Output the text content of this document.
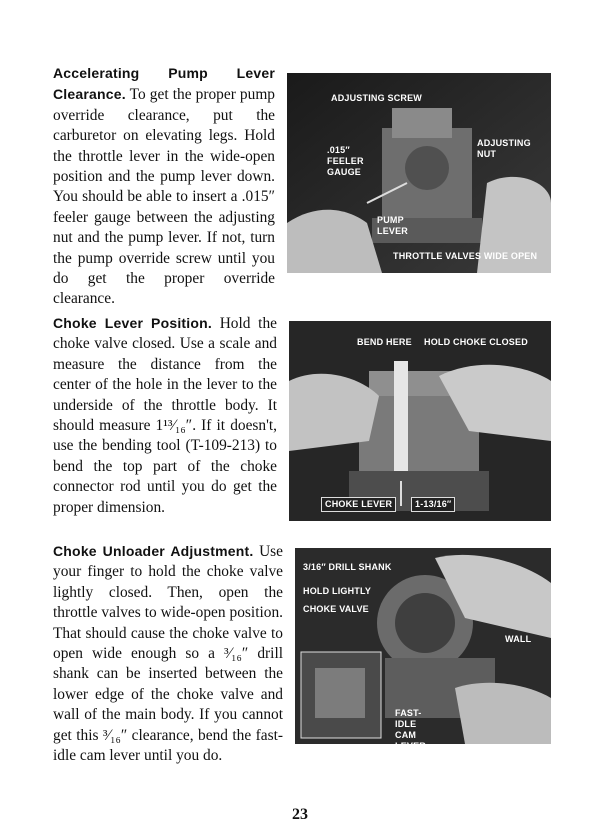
ADJUSTING SCREW
ADJUSTING NUT
.015″ FEELER GAUGE
PUMP LEVER
THROTTLE VALVES WIDE OPEN

Accelerating Pump Lever Clearance. To get the proper pump override clearance, put the carburetor on elevating legs. Hold the throttle lever in the wide-open position and the pump lever down. You should be able to insert a .015″ feeler gauge between the adjusting nut and the pump lever. If not, turn the pump override screw until you do get the proper override clearance.

BEND HERE HOLD CHOKE CLOSED
CHOKE LEVER	1-13/16″

Choke Lever Position. Hold the choke valve closed. Use a scale and measure the distance from the center of the hole in the lever to the underside of the throttle body. It should measure 1¹³⁄₁₆″. If it doesn't, use the bending tool (T-109-213) to bend the top part of the choke connector rod until you do get the proper dimension.

3/16″ DRILL SHANK
HOLD LIGHTLY
CHOKE VALVE
WALL
FAST-IDLE CAM LEVER

Choke Unloader Adjustment. Use your finger to hold the choke valve lightly closed. Then, open the throttle valves to wide-open position. That should cause the choke valve to open wide enough so a ³⁄₁₆″ drill shank can be inserted between the lower edge of the choke valve and wall of the main body. If you cannot get this ³⁄₁₆″ clearance, bend the fast-idle cam lever until you do.

23
